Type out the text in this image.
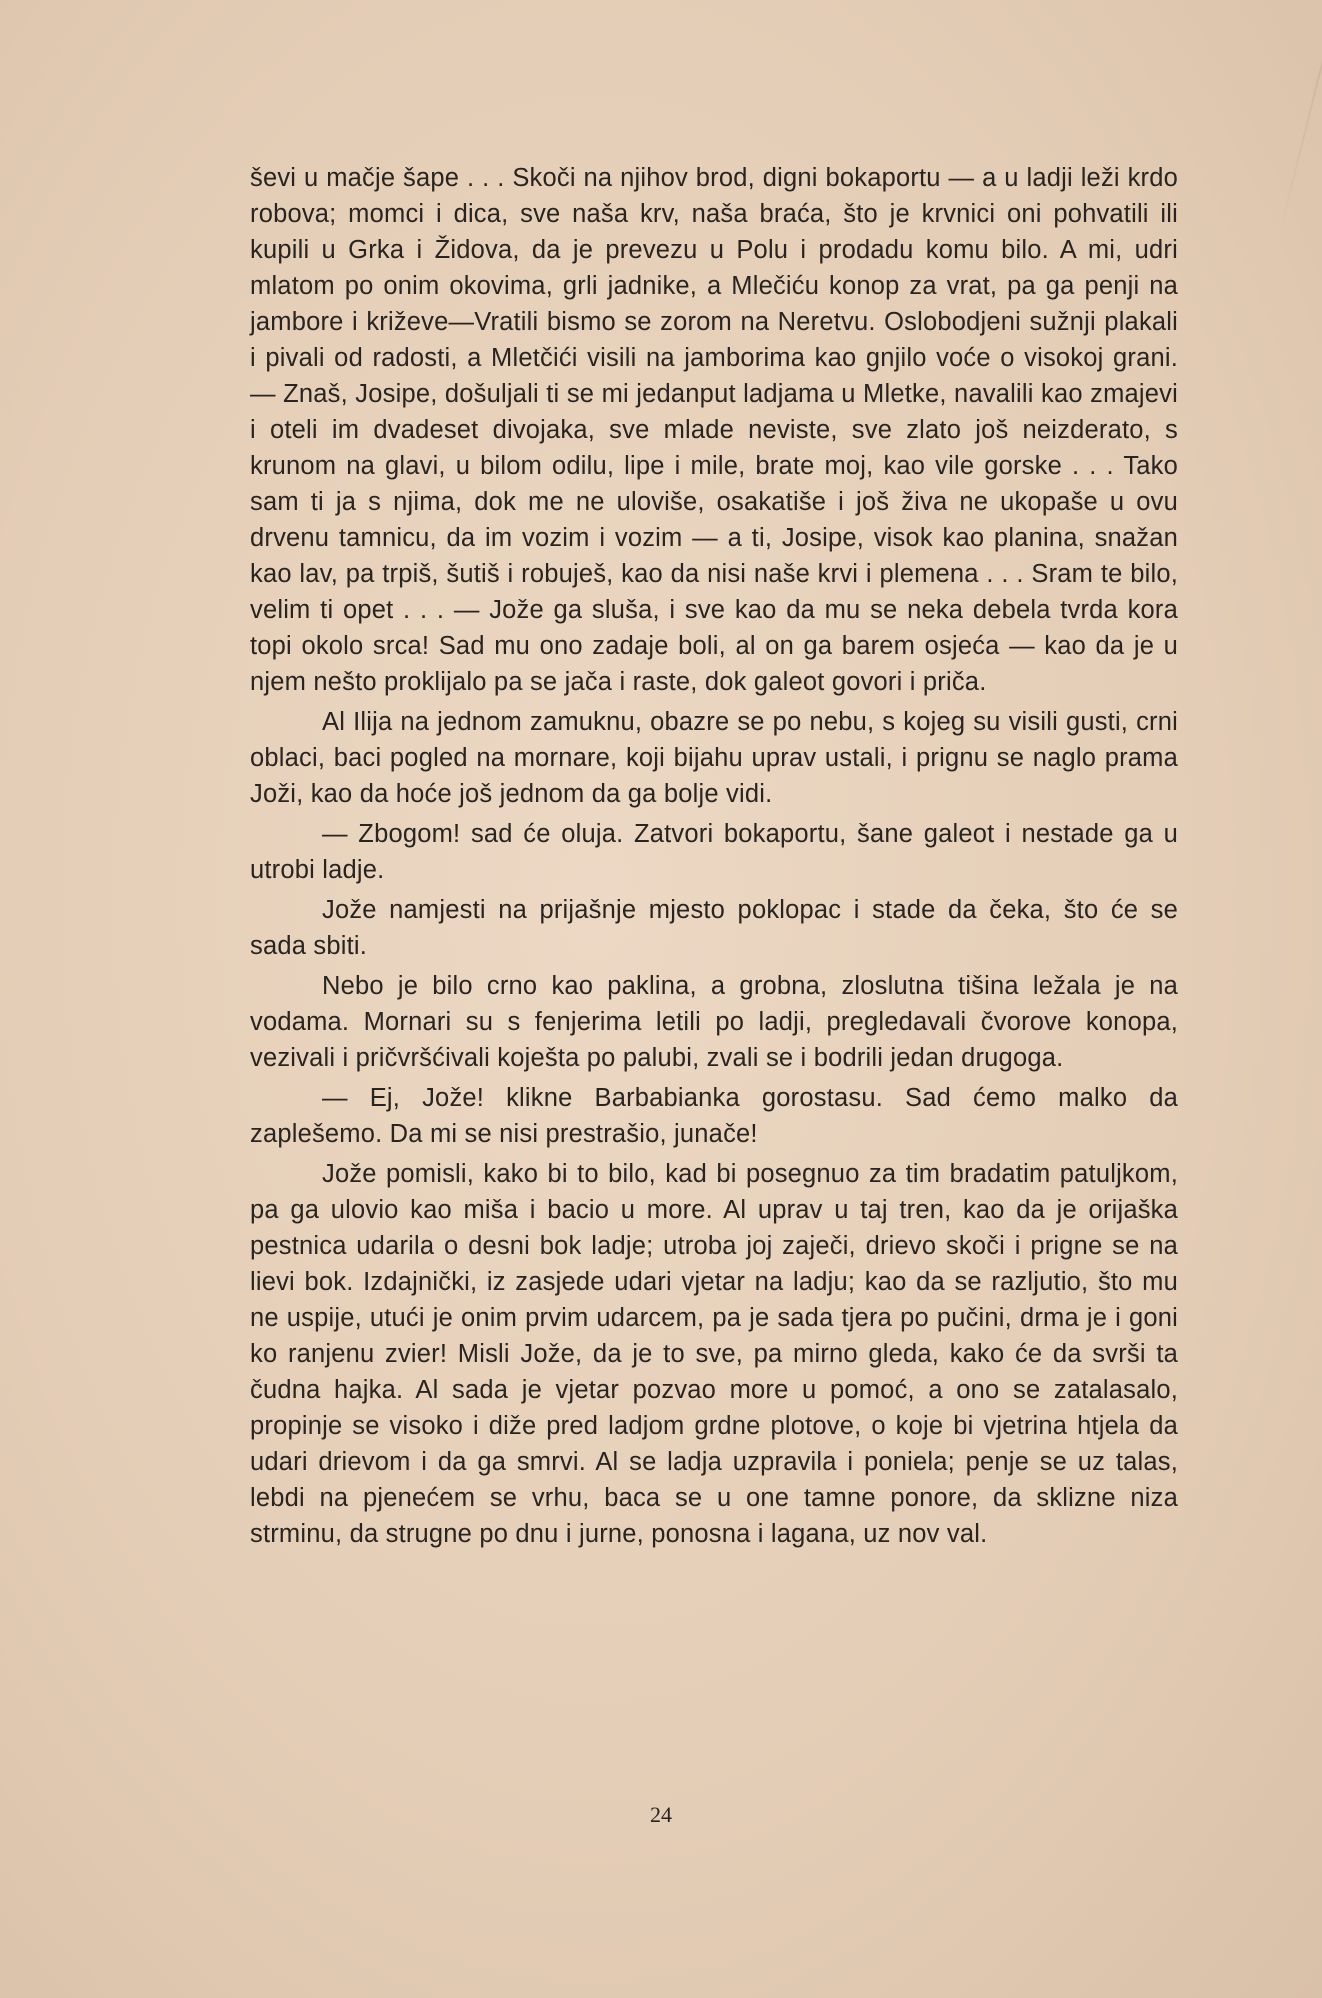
ševi u mačje šape . . . Skoči na njihov brod, digni bokaportu — a u ladji leži krdo robova; momci i dica, sve naša krv, naša braća, što je krvnici oni pohvatili ili kupili u Grka i Židova, da je prevezu u Polu i prodadu komu bilo. A mi, udri mlatom po onim okovima, grli jadnike, a Mlečiću konop za vrat, pa ga penji na jambore i križeve—Vratili bismo se zorom na Neretvu. Oslobodjeni sužnji plakali i pivali od radosti, a Mletčići visili na jamborima kao gnjilo voće o visokoj grani. — Znaš, Josipe, došuljali ti se mi jedanput ladjama u Mletke, navalili kao zmajevi i oteli im dvadeset divojaka, sve mlade neviste, sve zlato još neizderato, s krunom na glavi, u bilom odilu, lipe i mile, brate moj, kao vile gorske . . . Tako sam ti ja s njima, dok me ne uloviše, osakatiše i još živa ne ukopaše u ovu drvenu tamnicu, da im vozim i vozim — a ti, Josipe, visok kao planina, snažan kao lav, pa trpiš, šutiš i robuješ, kao da nisi naše krvi i plemena . . . Sram te bilo, velim ti opet . . . — Jože ga sluša, i sve kao da mu se neka debela tvrda kora topi okolo srca! Sad mu ono zadaje boli, al on ga barem osjeća — kao da je u njem nešto proklijalo pa se jača i raste, dok galeot govori i priča.

Al Ilija na jednom zamuknu, obazre se po nebu, s kojeg su visili gusti, crni oblaci, baci pogled na mornare, koji bijahu uprav ustali, i prignu se naglo prama Joži, kao da hoće još jednom da ga bolje vidi.

— Zbogom! sad će oluja. Zatvori bokaportu, šane galeot i nestade ga u utrobi ladje.

Jože namjesti na prijašnje mjesto poklopac i stade da čeka, što će se sada sbiti.

Nebo je bilo crno kao paklina, a grobna, zloslutna tišina ležala je na vodama. Mornari su s fenjerima letili po ladji, pregledavali čvorove konopa, vezivali i pričvršćivali koješta po palubi, zvali se i bodrili jedan drugoga.

— Ej, Jože! klikne Barbabianka gorostasu. Sad ćemo malko da zaplešemo. Da mi se nisi prestrašio, junače!

Jože pomisli, kako bi to bilo, kad bi posegnuo za tim bradatim patuljkom, pa ga ulovio kao miša i bacio u more. Al uprav u taj tren, kao da je orijaška pestnica udarila o desni bok ladje; utroba joj zaječi, drievo skoči i prigne se na lievi bok. Izdajnički, iz zasjede udari vjetar na ladju; kao da se razljutio, što mu ne uspije, utući je onim prvim udarcem, pa je sada tjera po pučini, drma je i goni ko ranjenu zvier! Misli Jože, da je to sve, pa mirno gleda, kako će da svrši ta čudna hajka. Al sada je vjetar pozvao more u pomoć, a ono se zatalasalo, propinje se visoko i diže pred ladjom grdne plotove, o koje bi vjetrina htjela da udari drievom i da ga smrvi. Al se ladja uzpravila i poniela; penje se uz talas, lebdi na pjenećem se vrhu, baca se u one tamne ponore, da sklizne niza strminu, da strugne po dnu i jurne, ponosna i lagana, uz nov val.

24
